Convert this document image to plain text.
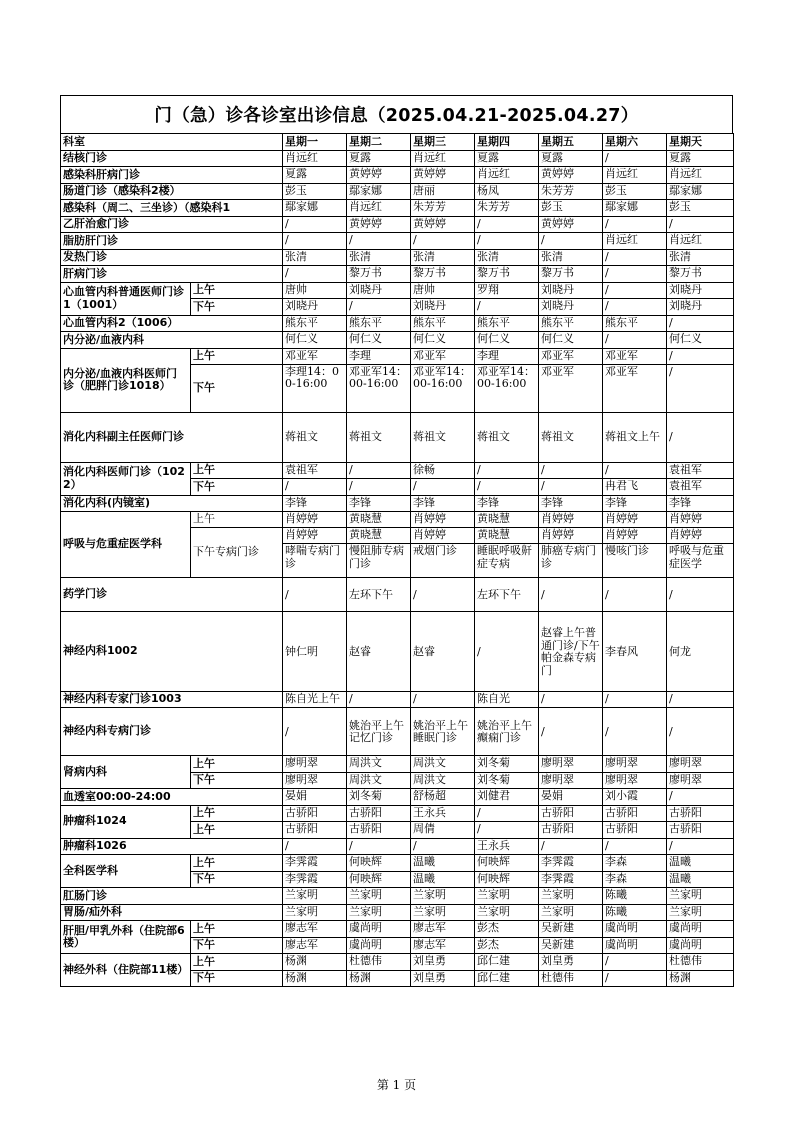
门（急）诊各诊室出诊信息（2025.04.21-2025.04.27）
科室		星期一	星期二	星期三	星期四	星期五	星期六	星期天
结核门诊		肖远红	夏露	肖远红	夏露	夏露	/	夏露
感染科肝病门诊		夏露	黄婷婷	黄婷婷	肖远红	黄婷婷	肖远红	肖远红
肠道门诊（感染科2楼）		彭玉	鄢家娜	唐丽	杨凤	朱芳芳	彭玉	鄢家娜
感染科（周二、三坐诊）（感染科1		鄢家娜	肖远红	朱芳芳	朱芳芳	彭玉	鄢家娜	彭玉
乙肝治愈门诊		/	黄婷婷	黄婷婷	/	黄婷婷	/	/
脂肪肝门诊		/	/	/	/	/	肖远红	肖远红
发热门诊		张清	张清	张清	张清	张清	/	张清
肝病门诊		/	黎万书	黎万书	黎万书	黎万书	/	黎万书
心血管内科普通医师门诊1（1001）	上午	唐帅	刘晓丹	唐帅	罗翔	刘晓丹	/	刘晓丹
	下午	刘晓丹	/	刘晓丹	/	刘晓丹	/	刘晓丹
心血管内科2（1006）		熊东平	熊东平	熊东平	熊东平	熊东平	熊东平	/
内分泌/血液内科		何仁义	何仁义	何仁义	何仁义	何仁义	/	何仁义
内分泌/血液内科医师门诊（肥胖门诊1018）	上午	邓亚军	李理	邓亚军	李理	邓亚军	邓亚军	/
	下午	李理14：00-16:00	邓亚军14：00-16:00	邓亚军14：00-16:00	邓亚军14：00-16:00	邓亚军	邓亚军	/
消化内科副主任医师门诊		蒋祖文	蒋祖文	蒋祖文	蒋祖文	蒋祖文	蒋祖文上午	/
消化内科医师门诊（1022）	上午	袁祖军	/	徐畅	/	/	/	袁祖军
	下午	/	/	/	/	/	冉君飞	袁祖军
消化内科(内镜室)		李锋	李锋	李锋	李锋	李锋	李锋	李锋
呼吸与危重症医学科	上午	肖婷婷	黄晓慧	肖婷婷	黄晓慧	肖婷婷	肖婷婷	肖婷婷
	下午专病门诊	肖婷婷	黄晓慧	肖婷婷	黄晓慧	肖婷婷	肖婷婷	肖婷婷
		哮喘专病门诊	慢阻肺专病门诊	戒烟门诊	睡眠呼吸鼾症专病	肺癌专病门诊	慢咳门诊	呼吸与危重症医学
药学门诊		/	左环下午	/	左环下午	/	/	/
神经内科1002		钟仁明	赵睿	赵睿	/	赵睿上午普通门诊/下午帕金森专病门	李春风	何龙
神经内科专家门诊1003		陈自光上午	/	/	陈自光	/	/	/
神经内科专病门诊		/	姚治平上午记忆门诊	姚治平上午睡眠门诊	姚治平上午癫痫门诊	/	/	/
肾病内科	上午	廖明翠	周洪文	周洪文	刘冬菊	廖明翠	廖明翠	廖明翠
	下午	廖明翠	周洪文	周洪文	刘冬菊	廖明翠	廖明翠	廖明翠
血透室00:00-24:00		晏娟	刘冬菊	舒杨超	刘健君	晏娟	刘小霞	/
肿瘤科1024	上午	古骄阳	古骄阳	王永兵	/	古骄阳	古骄阳	古骄阳
	上午	古骄阳	古骄阳	周倩	/	古骄阳	古骄阳	古骄阳
肿瘤科1026		/	/	/	王永兵	/	/	/
全科医学科	上午	李霁霞	何映辉	温曦	何映辉	李霁霞	李森	温曦
	下午	李霁霞	何映辉	温曦	何映辉	李霁霞	李森	温曦
肛肠门诊		兰家明	兰家明	兰家明	兰家明	兰家明	陈曦	兰家明
胃肠/疝外科		兰家明	兰家明	兰家明	兰家明	兰家明	陈曦	兰家明
肝胆/甲乳外科（住院部6楼）	上午	廖志军	虞尚明	廖志军	彭杰	吴新建	虞尚明	虞尚明
	下午	廖志军	虞尚明	廖志军	彭杰	吴新建	虞尚明	虞尚明
神经外科（住院部11楼）	上午	杨渊	杜德伟	刘皇勇	邱仁建	刘皇勇	/	杜德伟
	下午	杨渊	杨渊	刘皇勇	邱仁建	杜德伟	/	杨渊
第 1 页
